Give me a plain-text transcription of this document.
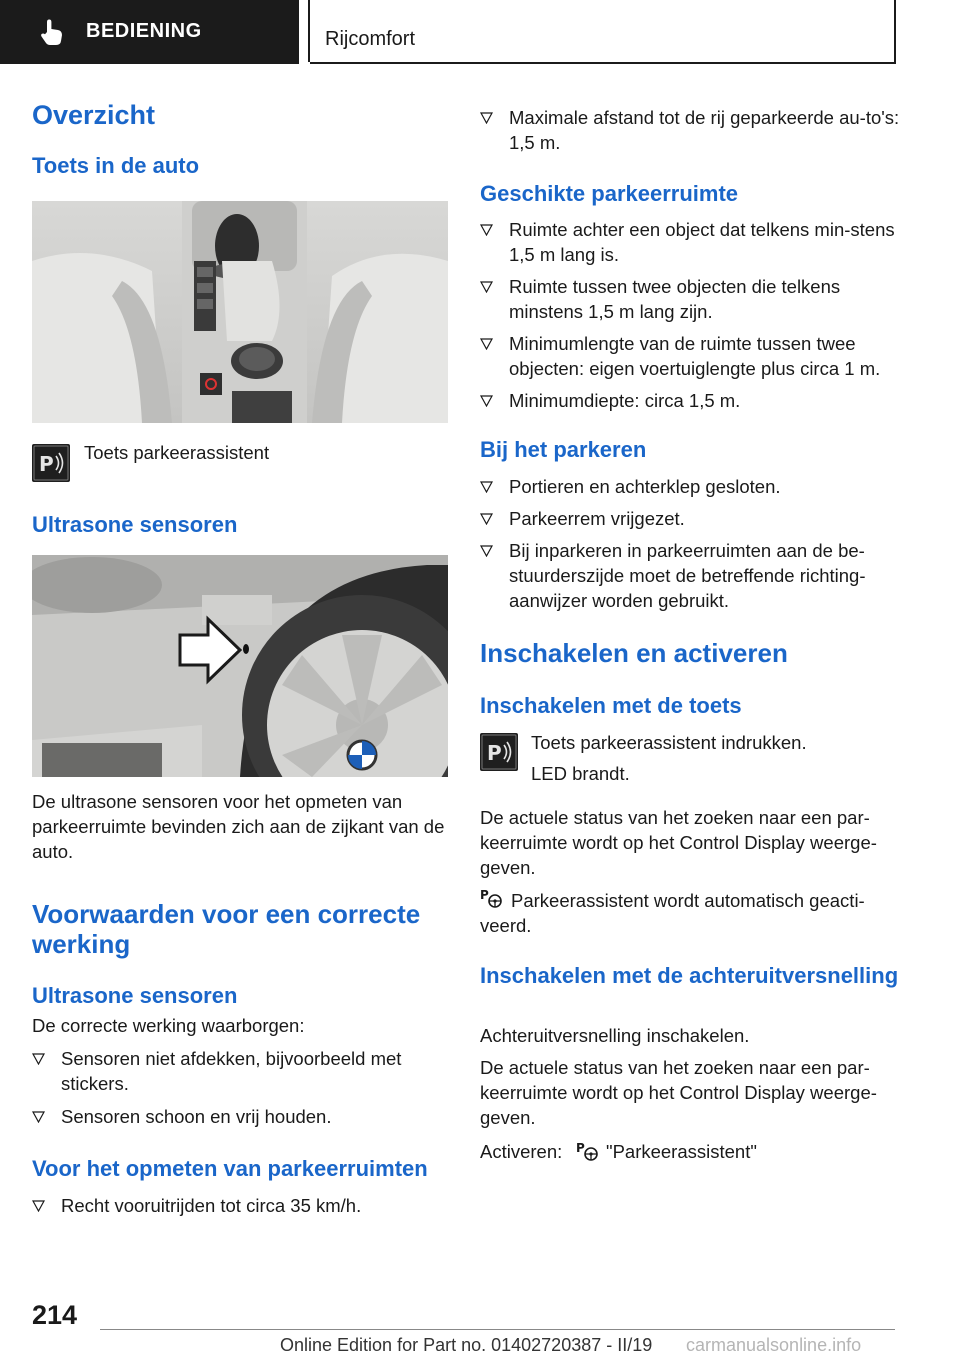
BEDIENING	Rijcomfort
Overzicht
Toets in de auto
P Toets parkeerassistent

Ultrasone sensoren

De ultrasone sensoren voor het opmeten van parkeerruimte bevinden zich aan de zijkant van de auto.

Voorwaarden voor een correcte werking
Ultrasone sensoren

De correcte werking waarborgen:

Sensoren niet afdekken, bijvoorbeeld met stickers.
Sensoren schoon en vrij houden.
Voor het opmeten van parkeerruimten
Recht vooruitrijden tot circa 35 km/h.
Maximale afstand tot de rij geparkeerde au-to's: 1,5 m.
Geschikte parkeerruimte
Ruimte achter een object dat telkens min-stens 1,5 m lang is.
Ruimte tussen twee objecten die telkens minstens 1,5 m lang zijn.
Minimumlengte van de ruimte tussen twee objecten: eigen voertuiglengte plus circa 1 m.
Minimumdiepte: circa 1,5 m.
Bij het parkeren
Portieren en achterklep gesloten.
Parkeerrem vrijgezet.
Bij inparkeren in parkeerruimten aan de be-stuurderszijde moet de betreffende richting-aanwijzer worden gebruikt.
Inschakelen en activeren
Inschakelen met de toets
P Toets parkeerassistent indrukken.

LED brandt.

De actuele status van het zoeken naar een par-keerruimte wordt op het Control Display weerge-geven.

P	Parkeerassistent wordt automatisch geacti-veerd.

Inschakelen met de achteruitversnelling

Achteruitversnelling inschakelen.

De actuele status van het zoeken naar een par-keerruimte wordt op het Control Display weerge-geven.

Activeren: P "Parkeerassistent"

214
Online Edition for Part no. 01402720387 - II/19 carmanualsonline.info
